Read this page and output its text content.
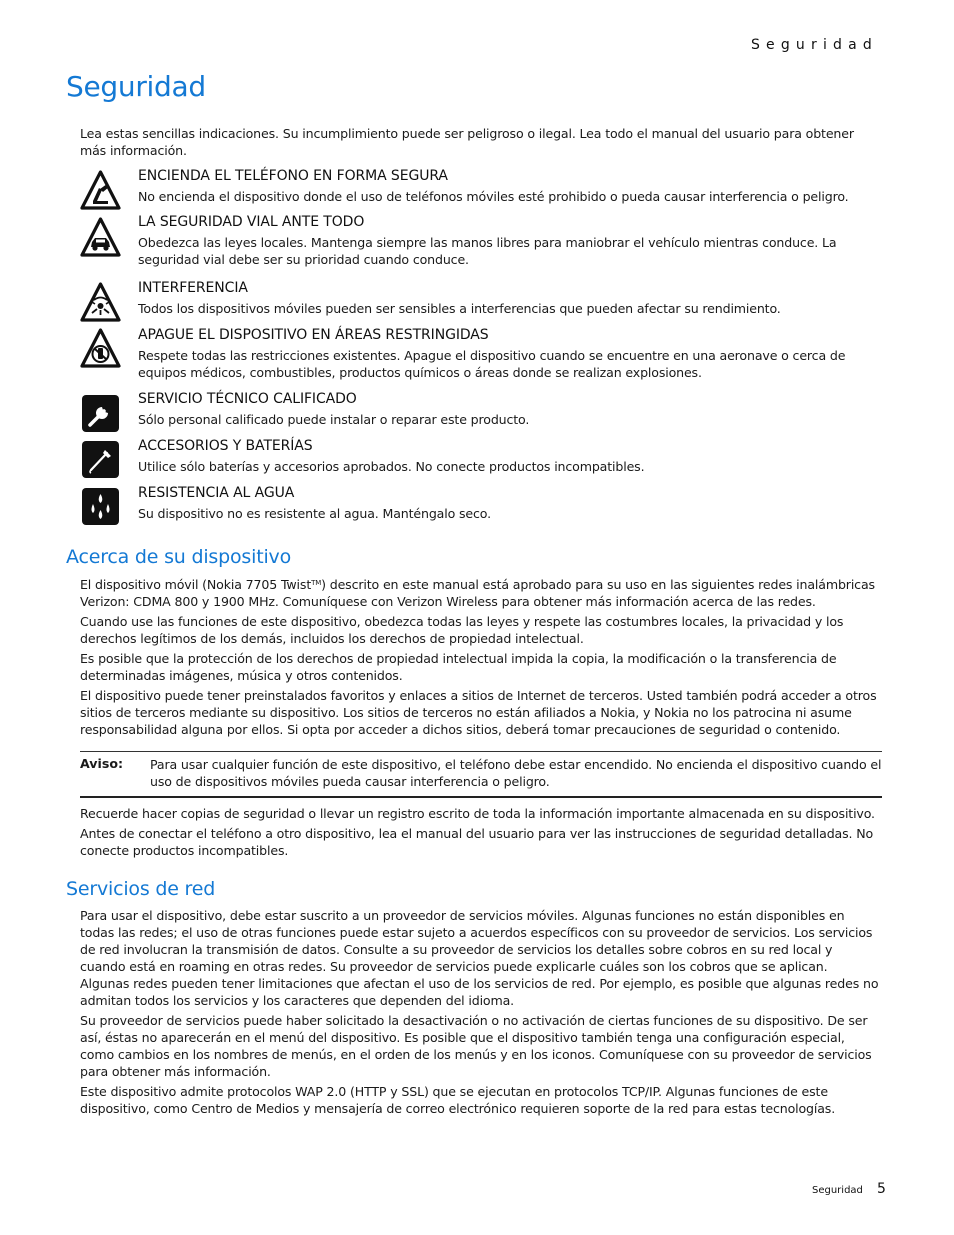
Seguridad
Seguridad

Lea estas sencillas indicaciones. Su incumplimiento puede ser peligroso o ilegal. Lea todo el manual del usuario para obtener más información.

ENCIENDA EL TELÉFONO EN FORMA SEGURA

No encienda el dispositivo donde el uso de teléfonos móviles esté prohibido o pueda causar interferencia o peligro.

LA SEGURIDAD VIAL ANTE TODO

Obedezca las leyes locales. Mantenga siempre las manos libres para maniobrar el vehículo mientras conduce. La seguridad vial debe ser su prioridad cuando conduce.

INTERFERENCIA

Todos los dispositivos móviles pueden ser sensibles a interferencias que pueden afectar su rendimiento.

APAGUE EL DISPOSITIVO EN ÁREAS RESTRINGIDAS

Respete todas las restricciones existentes. Apague el dispositivo cuando se encuentre en una aeronave o cerca de equipos médicos, combustibles, productos químicos o áreas donde se realizan explosiones.

SERVICIO TÉCNICO CALIFICADO

Sólo personal calificado puede instalar o reparar este producto.

ACCESORIOS Y BATERÍAS

Utilice sólo baterías y accesorios aprobados. No conecte productos incompatibles.

RESISTENCIA AL AGUA

Su dispositivo no es resistente al agua. Manténgalo seco.

Acerca de su dispositivo

El dispositivo móvil (Nokia 7705 Twist™) descrito en este manual está aprobado para su uso en las siguientes redes inalámbricas Verizon: CDMA 800 y 1900 MHz. Comuníquese con Verizon Wireless para obtener más información acerca de las redes.

Cuando use las funciones de este dispositivo, obedezca todas las leyes y respete las costumbres locales, la privacidad y los derechos legítimos de los demás, incluidos los derechos de propiedad intelectual.

Es posible que la protección de los derechos de propiedad intelectual impida la copia, la modificación o la transferencia de determinadas imágenes, música y otros contenidos.

El dispositivo puede tener preinstalados favoritos y enlaces a sitios de Internet de terceros. Usted también podrá acceder a otros sitios de terceros mediante su dispositivo. Los sitios de terceros no están afiliados a Nokia, y Nokia no los patrocina ni asume responsabilidad alguna por ellos. Si opta por acceder a dichos sitios, deberá tomar precauciones de seguridad o contenido.

Aviso: Para usar cualquier función de este dispositivo, el teléfono debe estar encendido. No encienda el dispositivo cuando el uso de dispositivos móviles pueda causar interferencia o peligro.

Recuerde hacer copias de seguridad o llevar un registro escrito de toda la información importante almacenada en su dispositivo.

Antes de conectar el teléfono a otro dispositivo, lea el manual del usuario para ver las instrucciones de seguridad detalladas. No conecte productos incompatibles.

Servicios de red

Para usar el dispositivo, debe estar suscrito a un proveedor de servicios móviles. Algunas funciones no están disponibles en todas las redes; el uso de otras funciones puede estar sujeto a acuerdos específicos con su proveedor de servicios. Los servicios de red involucran la transmisión de datos. Consulte a su proveedor de servicios los detalles sobre cobros en su red local y cuando está en roaming en otras redes. Su proveedor de servicios puede explicarle cuáles son los cobros que se aplican. Algunas redes pueden tener limitaciones que afectan el uso de los servicios de red. Por ejemplo, es posible que algunas redes no admitan todos los servicios y los caracteres que dependen del idioma.

Su proveedor de servicios puede haber solicitado la desactivación o no activación de ciertas funciones de su dispositivo. De ser así, éstas no aparecerán en el menú del dispositivo. Es posible que el dispositivo también tenga una configuración especial, como cambios en los nombres de menús, en el orden de los menús y en los iconos. Comuníquese con su proveedor de servicios para obtener más información.

Este dispositivo admite protocolos WAP 2.0 (HTTP y SSL) que se ejecutan en protocolos TCP/IP. Algunas funciones de este dispositivo, como Centro de Medios y mensajería de correo electrónico requieren soporte de la red para estas tecnologías.

Seguridad 5
